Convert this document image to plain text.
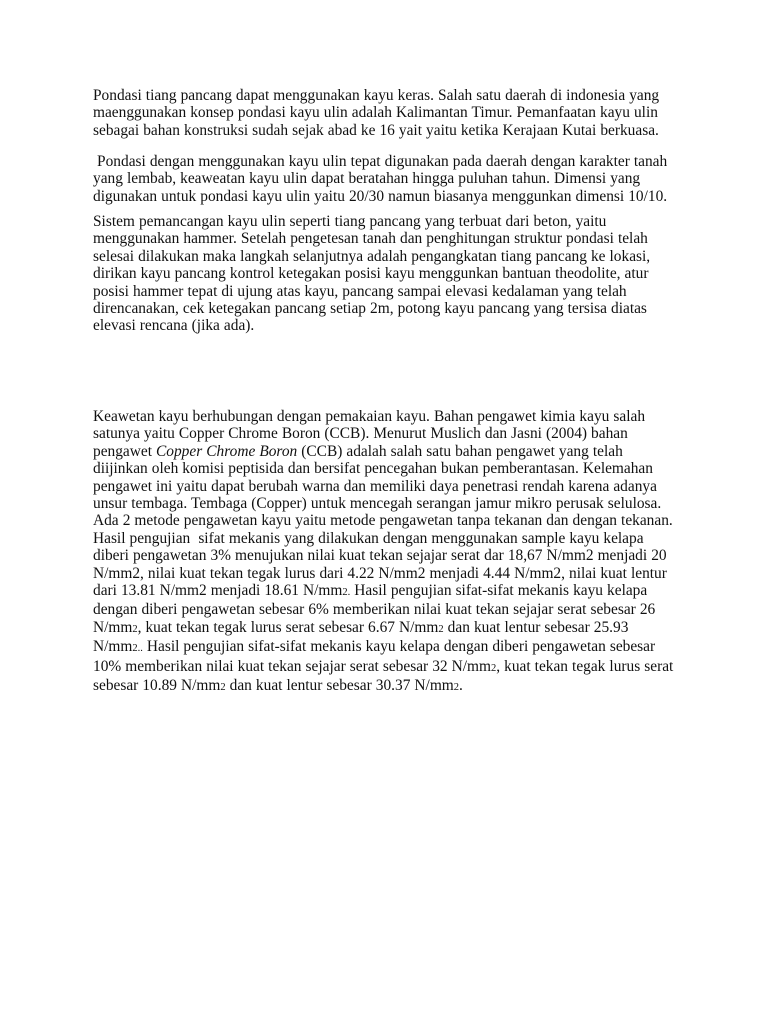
Pondasi tiang pancang dapat menggunakan kayu keras. Salah satu daerah di indonesia yang
maenggunakan konsep pondasi kayu ulin adalah Kalimantan Timur. Pemanfaatan kayu ulin
sebagai bahan konstruksi sudah sejak abad ke 16 yait yaitu ketika Kerajaan Kutai berkuasa.

Pondasi dengan menggunakan kayu ulin tepat digunakan pada daerah dengan karakter tanah
yang lembab, keaweatan kayu ulin dapat beratahan hingga puluhan tahun. Dimensi yang
digunakan untuk pondasi kayu ulin yaitu 20/30 namun biasanya menggunkan dimensi 10/10.

Sistem pemancangan kayu ulin seperti tiang pancang yang terbuat dari beton, yaitu
menggunakan hammer. Setelah pengetesan tanah dan penghitungan struktur pondasi telah
selesai dilakukan maka langkah selanjutnya adalah pengangkatan tiang pancang ke lokasi,
dirikan kayu pancang kontrol ketegakan posisi kayu menggunkan bantuan theodolite, atur
posisi hammer tepat di ujung atas kayu, pancang sampai elevasi kedalaman yang telah
direncanakan, cek ketegakan pancang setiap 2m, potong kayu pancang yang tersisa diatas
elevasi rencana (jika ada).

Keawetan kayu berhubungan dengan pemakaian kayu. Bahan pengawet kimia kayu salah
satunya yaitu Copper Chrome Boron (CCB). Menurut Muslich dan Jasni (2004) bahan
pengawet Copper Chrome Boron (CCB) adalah salah satu bahan pengawet yang telah
diijinkan oleh komisi peptisida dan bersifat pencegahan bukan pemberantasan. Kelemahan
pengawet ini yaitu dapat berubah warna dan memiliki daya penetrasi rendah karena adanya
unsur tembaga. Tembaga (Copper) untuk mencegah serangan jamur mikro perusak selulosa.
Ada 2 metode pengawetan kayu yaitu metode pengawetan tanpa tekanan dan dengan tekanan.
Hasil pengujian  sifat mekanis yang dilakukan dengan menggunakan sample kayu kelapa
diberi pengawetan 3% menujukan nilai kuat tekan sejajar serat dar 18,67 N/mm2 menjadi 20
N/mm2, nilai kuat tekan tegak lurus dari 4.22 N/mm2 menjadi 4.44 N/mm2, nilai kuat lentur
dari 13.81 N/mm2 menjadi 18.61 N/mm2. Hasil pengujian sifat-sifat mekanis kayu kelapa
dengan diberi pengawetan sebesar 6% memberikan nilai kuat tekan sejajar serat sebesar 26
N/mm2, kuat tekan tegak lurus serat sebesar 6.67 N/mm2 dan kuat lentur sebesar 25.93
N/mm2.. Hasil pengujian sifat-sifat mekanis kayu kelapa dengan diberi pengawetan sebesar
10% memberikan nilai kuat tekan sejajar serat sebesar 32 N/mm2, kuat tekan tegak lurus serat
sebesar 10.89 N/mm2 dan kuat lentur sebesar 30.37 N/mm2.
